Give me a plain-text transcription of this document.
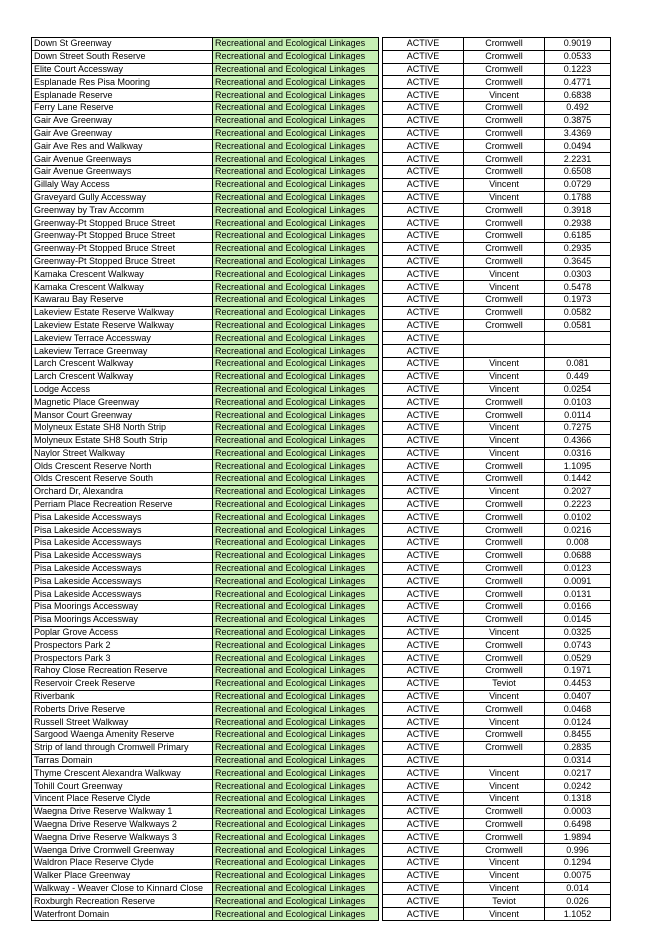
Down St Greenway	Recreational and Ecological Linkages		ACTIVE	Cromwell	0.9019
Down Street South Reserve	Recreational and Ecological Linkages		ACTIVE	Cromwell	0.0533
Elite Court Accessway	Recreational and Ecological Linkages		ACTIVE	Cromwell	0.1223
Esplanade Res Pisa Mooring	Recreational and Ecological Linkages		ACTIVE	Cromwell	0.4771
Esplanade Reserve	Recreational and Ecological Linkages		ACTIVE	Vincent	0.6838
Ferry Lane Reserve	Recreational and Ecological Linkages		ACTIVE	Cromwell	0.492
Gair Ave Greenway	Recreational and Ecological Linkages		ACTIVE	Cromwell	0.3875
Gair Ave Greenway	Recreational and Ecological Linkages		ACTIVE	Cromwell	3.4369
Gair Ave Res and Walkway	Recreational and Ecological Linkages		ACTIVE	Cromwell	0.0494
Gair Avenue Greenways	Recreational and Ecological Linkages		ACTIVE	Cromwell	2.2231
Gair Avenue Greenways	Recreational and Ecological Linkages		ACTIVE	Cromwell	0.6508
Gillaly Way Access	Recreational and Ecological Linkages		ACTIVE	Vincent	0.0729
Graveyard Gully Accessway	Recreational and Ecological Linkages		ACTIVE	Vincent	0.1788
Greenway by Trav Accomm	Recreational and Ecological Linkages		ACTIVE	Cromwell	0.3918
Greenway-Pt Stopped Bruce Street	Recreational and Ecological Linkages		ACTIVE	Cromwell	0.2938
Greenway-Pt Stopped Bruce Street	Recreational and Ecological Linkages		ACTIVE	Cromwell	0.6185
Greenway-Pt Stopped Bruce Street	Recreational and Ecological Linkages		ACTIVE	Cromwell	0.2935
Greenway-Pt Stopped Bruce Street	Recreational and Ecological Linkages		ACTIVE	Cromwell	0.3645
Kamaka Crescent Walkway	Recreational and Ecological Linkages		ACTIVE	Vincent	0.0303
Kamaka Crescent Walkway	Recreational and Ecological Linkages		ACTIVE	Vincent	0.5478
Kawarau Bay Reserve	Recreational and Ecological Linkages		ACTIVE	Cromwell	0.1973
Lakeview Estate Reserve Walkway	Recreational and Ecological Linkages		ACTIVE	Cromwell	0.0582
Lakeview Estate Reserve Walkway	Recreational and Ecological Linkages		ACTIVE	Cromwell	0.0581
Lakeview Terrace Accessway	Recreational and Ecological Linkages		ACTIVE		
Lakeview Terrace Greenway	Recreational and Ecological Linkages		ACTIVE		
Larch Crescent Walkway	Recreational and Ecological Linkages		ACTIVE	Vincent	0.081
Larch Crescent Walkway	Recreational and Ecological Linkages		ACTIVE	Vincent	0.449
Lodge Access	Recreational and Ecological Linkages		ACTIVE	Vincent	0.0254
Magnetic Place Greenway	Recreational and Ecological Linkages		ACTIVE	Cromwell	0.0103
Mansor Court Greenway	Recreational and Ecological Linkages		ACTIVE	Cromwell	0.0114
Molyneux Estate SH8 North Strip	Recreational and Ecological Linkages		ACTIVE	Vincent	0.7275
Molyneux Estate SH8 South Strip	Recreational and Ecological Linkages		ACTIVE	Vincent	0.4366
Naylor Street Walkway	Recreational and Ecological Linkages		ACTIVE	Vincent	0.0316
Olds Crescent Reserve North	Recreational and Ecological Linkages		ACTIVE	Cromwell	1.1095
Olds Crescent Reserve South	Recreational and Ecological Linkages		ACTIVE	Cromwell	0.1442
Orchard Dr, Alexandra	Recreational and Ecological Linkages		ACTIVE	Vincent	0.2027
Perriam Place Recreation Reserve	Recreational and Ecological Linkages		ACTIVE	Cromwell	0.2223
Pisa Lakeside Accessways	Recreational and Ecological Linkages		ACTIVE	Cromwell	0.0102
Pisa Lakeside Accessways	Recreational and Ecological Linkages		ACTIVE	Cromwell	0.0216
Pisa Lakeside Accessways	Recreational and Ecological Linkages		ACTIVE	Cromwell	0.008
Pisa Lakeside Accessways	Recreational and Ecological Linkages		ACTIVE	Cromwell	0.0688
Pisa Lakeside Accessways	Recreational and Ecological Linkages		ACTIVE	Cromwell	0.0123
Pisa Lakeside Accessways	Recreational and Ecological Linkages		ACTIVE	Cromwell	0.0091
Pisa Lakeside Accessways	Recreational and Ecological Linkages		ACTIVE	Cromwell	0.0131
Pisa Moorings Accessway	Recreational and Ecological Linkages		ACTIVE	Cromwell	0.0166
Pisa Moorings Accessway	Recreational and Ecological Linkages		ACTIVE	Cromwell	0.0145
Poplar Grove Access	Recreational and Ecological Linkages		ACTIVE	Vincent	0.0325
Prospectors Park 2	Recreational and Ecological Linkages		ACTIVE	Cromwell	0.0743
Prospectors Park 3	Recreational and Ecological Linkages		ACTIVE	Cromwell	0.0529
Rahoy Close Recreation Reserve	Recreational and Ecological Linkages		ACTIVE	Cromwell	0.1971
Reservoir Creek Reserve	Recreational and Ecological Linkages		ACTIVE	Teviot	0.4453
Riverbank	Recreational and Ecological Linkages		ACTIVE	Vincent	0.0407
Roberts Drive Reserve	Recreational and Ecological Linkages		ACTIVE	Cromwell	0.0468
Russell Street Walkway	Recreational and Ecological Linkages		ACTIVE	Vincent	0.0124
Sargood Waenga Amenity Reserve	Recreational and Ecological Linkages		ACTIVE	Cromwell	0.8455
Strip of land through Cromwell Primary	Recreational and Ecological Linkages		ACTIVE	Cromwell	0.2835
Tarras Domain	Recreational and Ecological Linkages		ACTIVE		0.0314
Thyme Crescent Alexandra Walkway	Recreational and Ecological Linkages		ACTIVE	Vincent	0.0217
Tohill Court Greenway	Recreational and Ecological Linkages		ACTIVE	Vincent	0.0242
Vincent Place Reserve Clyde	Recreational and Ecological Linkages		ACTIVE	Vincent	0.1318
Waegna Drive Reserve Walkway 1	Recreational and Ecological Linkages		ACTIVE	Cromwell	0.0003
Waegna Drive Reserve Walkways 2	Recreational and Ecological Linkages		ACTIVE	Cromwell	0.6498
Waegna Drive Reserve Walkways 3	Recreational and Ecological Linkages		ACTIVE	Cromwell	1.9894
Waenga Drive Cromwell Greenway	Recreational and Ecological Linkages		ACTIVE	Cromwell	0.996
Waldron Place Reserve Clyde	Recreational and Ecological Linkages		ACTIVE	Vincent	0.1294
Walker Place Greenway	Recreational and Ecological Linkages		ACTIVE	Vincent	0.0075
Walkway - Weaver Close to Kinnard Close	Recreational and Ecological Linkages		ACTIVE	Vincent	0.014
Roxburgh Recreation Reserve	Recreational and Ecological Linkages		ACTIVE	Teviot	0.026
Waterfront Domain	Recreational and Ecological Linkages		ACTIVE	Vincent	1.1052
